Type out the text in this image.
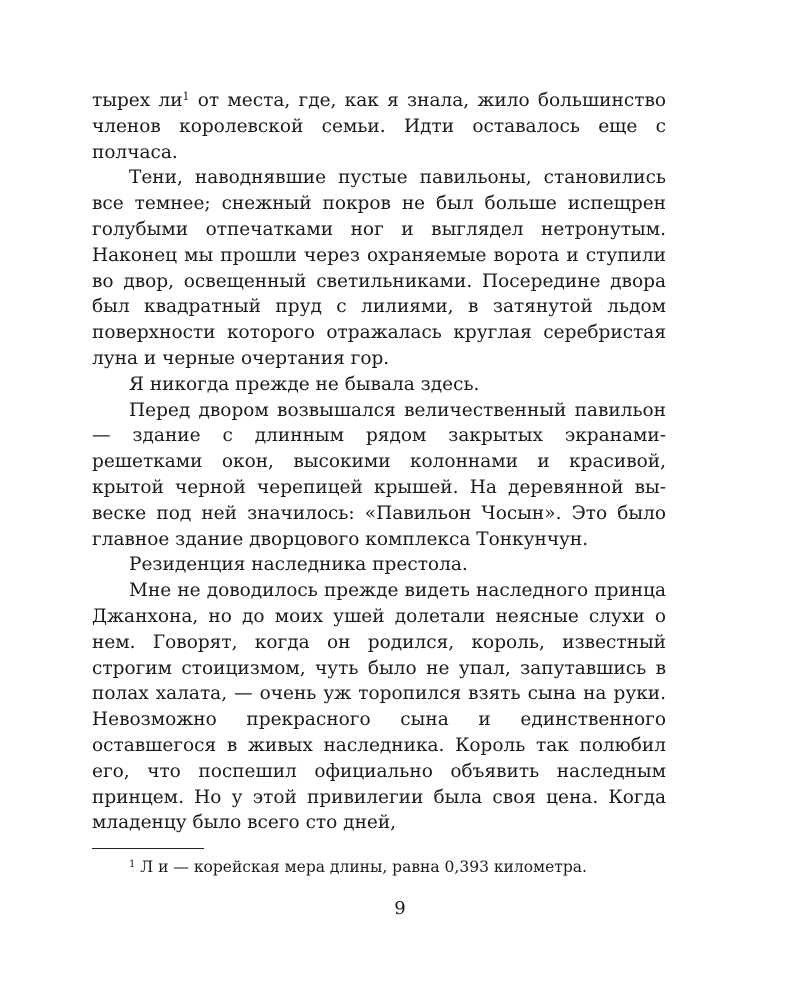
тырех ли$^1$ от места, где, как я знала, жило большинство членов королевской семьи. Идти оставалось еще с полчаса.

Тени, наводнявшие пустые павильоны, становились все темнее; снежный покров не был больше испещрен голубыми отпечатками ног и выглядел нетронутым. Наконец мы прошли через охраняемые ворота и ступили во двор, освещенный светильниками. Посередине двора был квадратный пруд с лилиями, в затянутой льдом поверхности которого отражалась круглая серебристая луна и черные очертания гор.

Я никогда прежде не бывала здесь.

Перед двором возвышался величественный павильон — здание с длинным рядом закрытых экранами-решетками окон, высокими колоннами и красивой, крытой черной черепицей крышей. На деревянной вывеске под ней значилось: «Павильон Чосын». Это было главное здание дворцового комплекса Тонкунчун.

Резиденция наследника престола.

Мне не доводилось прежде видеть наследного принца Джанхона, но до моих ушей долетали неясные слухи о нем. Говорят, когда он родился, король, известный строгим стоицизмом, чуть было не упал, запутавшись в полах халата, — очень уж торопился взять сына на руки. Невозможно прекрасного сына и единственного оставшегося в живых наследника. Король так полюбил его, что поспешил официально объявить наследным принцем. Но у этой привилегии была своя цена. Когда младенцу было всего сто дней,

$^1$ Л и — корейская мера длины, равна 0,393 километра.
9
